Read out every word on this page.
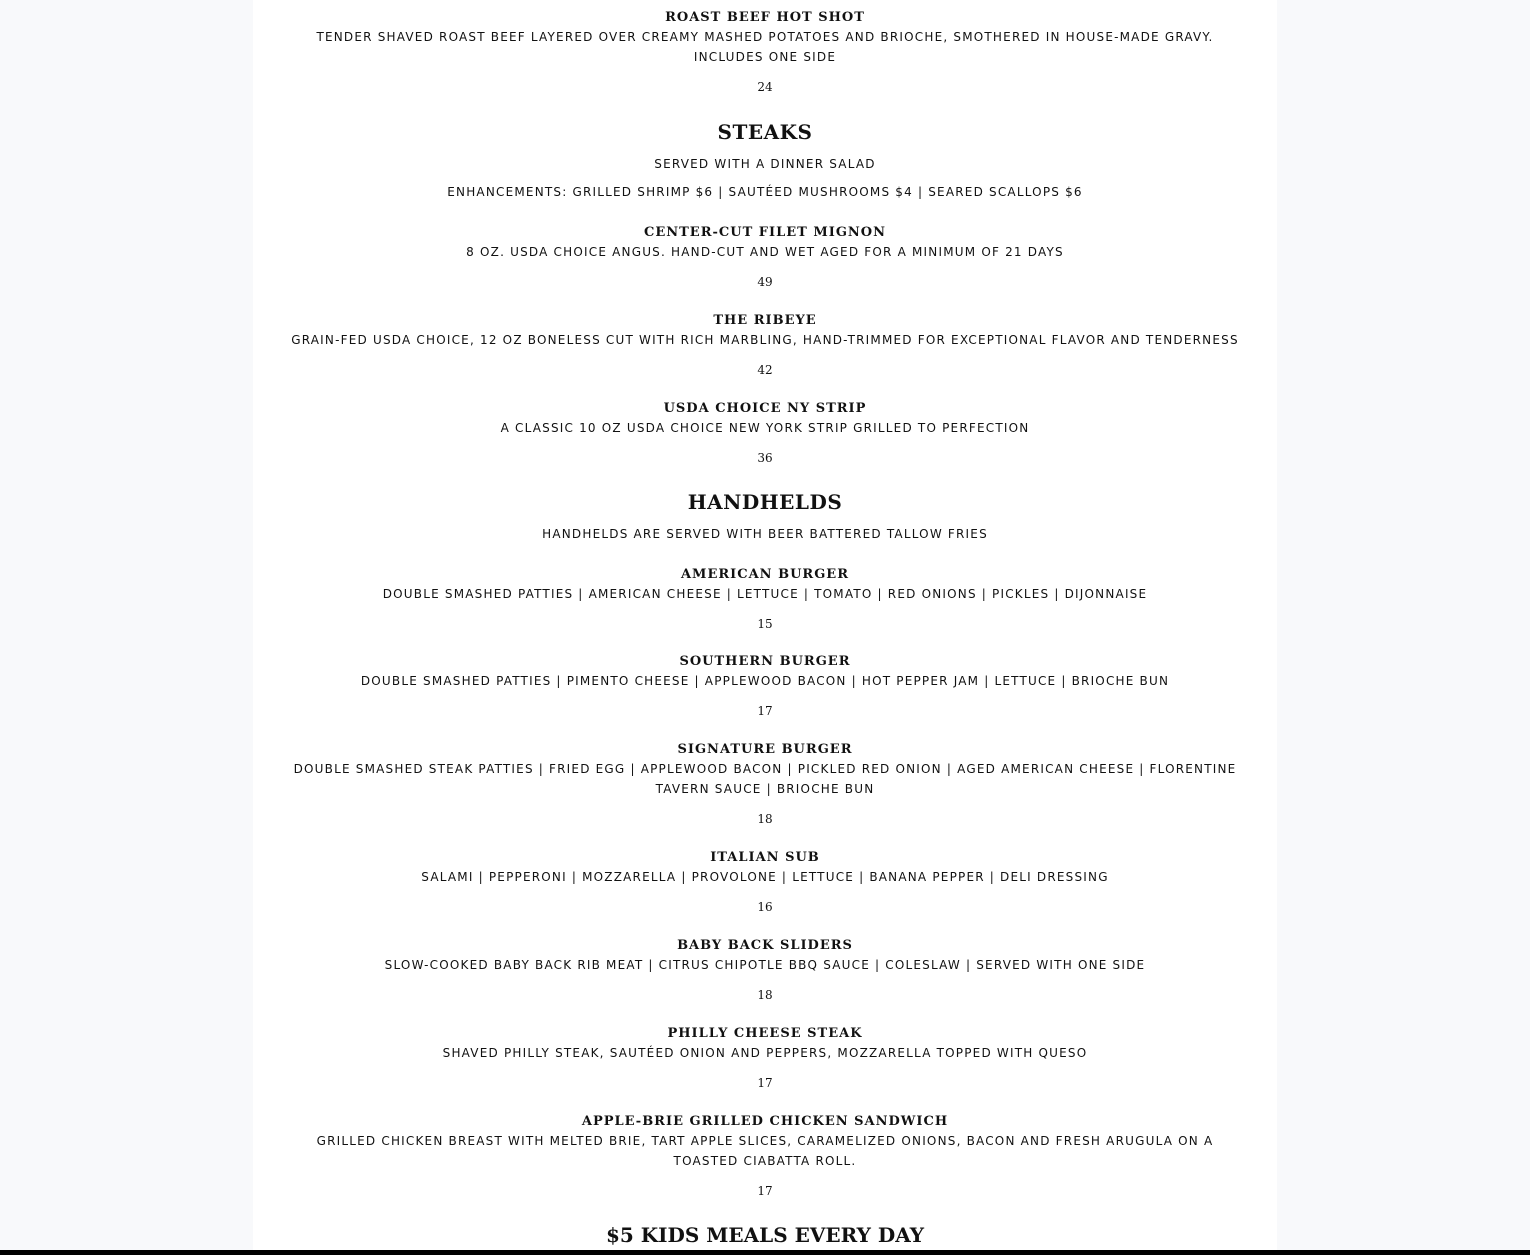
ROAST BEEF HOT SHOT
TENDER SHAVED ROAST BEEF LAYERED OVER CREAMY MASHED POTATOES AND BRIOCHE, SMOTHERED IN HOUSE-MADE GRAVY. INCLUDES ONE SIDE
24
STEAKS
SERVED WITH A DINNER SALAD
ENHANCEMENTS: GRILLED SHRIMP $6 | SAUTÉED MUSHROOMS $4 | SEARED SCALLOPS $6
CENTER-CUT FILET MIGNON
8 OZ. USDA CHOICE ANGUS. HAND-CUT AND WET AGED FOR A MINIMUM OF 21 DAYS
49
THE RIBEYE
GRAIN-FED USDA CHOICE, 12 OZ BONELESS CUT WITH RICH MARBLING, HAND-TRIMMED FOR EXCEPTIONAL FLAVOR AND TENDERNESS
42
USDA CHOICE NY STRIP
A CLASSIC 10 OZ USDA CHOICE NEW YORK STRIP GRILLED TO PERFECTION
36
HANDHELDS
HANDHELDS ARE SERVED WITH BEER BATTERED TALLOW FRIES
AMERICAN BURGER
DOUBLE SMASHED PATTIES | AMERICAN CHEESE | LETTUCE | TOMATO | RED ONIONS | PICKLES | DIJONNAISE
15
SOUTHERN BURGER
DOUBLE SMASHED PATTIES | PIMENTO CHEESE | APPLEWOOD BACON | HOT PEPPER JAM | LETTUCE | BRIOCHE BUN
17
SIGNATURE BURGER
DOUBLE SMASHED STEAK PATTIES | FRIED EGG | APPLEWOOD BACON | PICKLED RED ONION | AGED AMERICAN CHEESE | FLORENTINE TAVERN SAUCE | BRIOCHE BUN
18
ITALIAN SUB
SALAMI | PEPPERONI | MOZZARELLA | PROVOLONE | LETTUCE | BANANA PEPPER | DELI DRESSING
16
BABY BACK SLIDERS
SLOW-COOKED BABY BACK RIB MEAT | CITRUS CHIPOTLE BBQ SAUCE | COLESLAW | SERVED WITH ONE SIDE
18
PHILLY CHEESE STEAK
SHAVED PHILLY STEAK, SAUTÉED ONION AND PEPPERS, MOZZARELLA TOPPED WITH QUESO
17
APPLE-BRIE GRILLED CHICKEN SANDWICH
GRILLED CHICKEN BREAST WITH MELTED BRIE, TART APPLE SLICES, CARAMELIZED ONIONS, BACON AND FRESH ARUGULA ON A TOASTED CIABATTA ROLL.
17
$5 KIDS MEALS EVERY DAY
